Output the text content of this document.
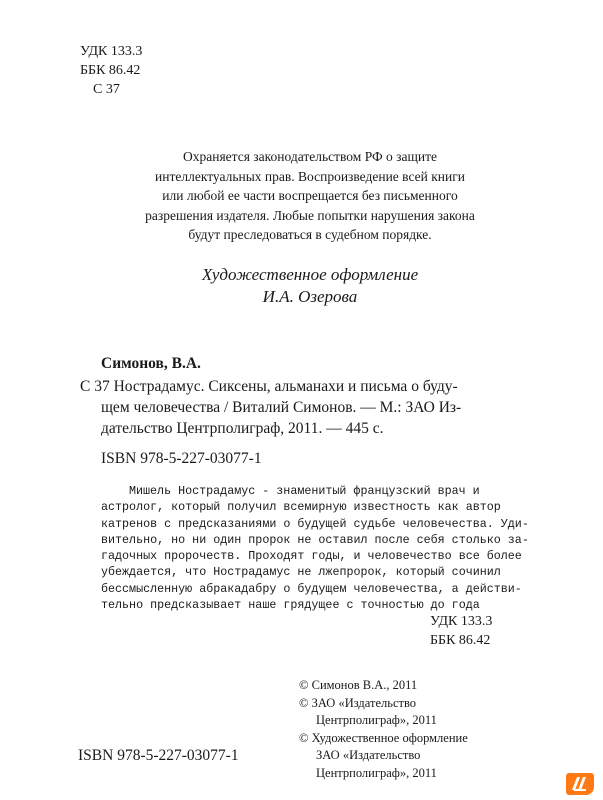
УДК 133.3
ББК 86.42
С 37
Охраняется законодательством РФ о защите
интеллектуальных прав. Воспроизведение всей книги
или любой ее части воспрещается без письменного
разрешения издателя. Любые попытки нарушения закона
будут преследоваться в судебном порядке.
Художественное оформление
И.А. Озерова
Симонов, В.А.
С 37 Нострадамус. Сиксены, альманахи и письма о буду-
щем человечества / Виталий Симонов. — М.: ЗАО Из-
дательство Центрполиграф, 2011. — 445 с.
ISBN 978-5-227-03077-1
Мишель Нострадамус - знаменитый французский врач и
астролог, который получил всемирную известность как автор
катренов с предсказаниями о будущей судьбе человечества. Уди-
вительно, но ни один пророк не оставил после себя столько за-
гадочных пророчеств. Проходят годы, и человечество все более
убеждается, что Нострадамус не лжепророк, который сочинил
бессмысленную абракадабру о будущем человечества, а действи-
тельно предсказывает наше грядущее с точностью до года
УДК 133.3
ББК 86.42
© Симонов В.А., 2011
© ЗАО «Издательство
Центрполиграф», 2011
© Художественное оформление
ЗАО «Издательство
Центрполиграф», 2011
ISBN 978-5-227-03077-1
